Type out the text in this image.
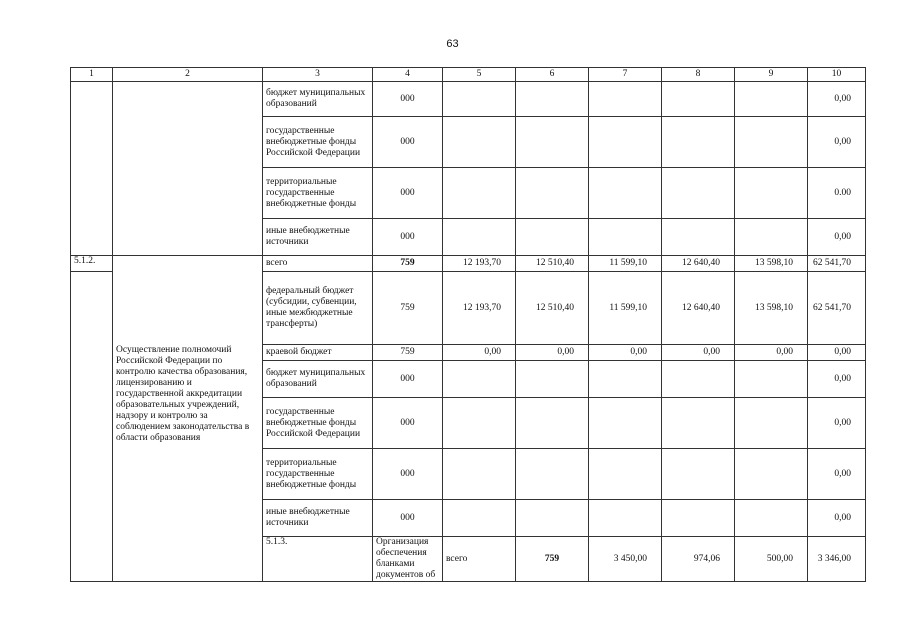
63
1	2	3	4	5	6	7	8	9	10	
		бюджет муниципальных образований	000						0,00	
		государственные внебюджетные фонды Российской Федерации	000						0,00	
		территориальные государственные внебюджетные фонды	000						0.00	
		иные внебюджетные источники	000						0,00	
5.1.2.		всего	759	12 193,70	12 510,40	11 599,10	12 640,40	13 598,10	62 541,70	
		федеральный бюджет (субсидии, субвенции, иные межбюджетные трансферты)	759	12 193,70	12 510,40	11 599,10	12 640,40	13 598,10	62 541,70	
	Осуществление полномочий Российской Федерации по контролю качества образования, лицензированию и государственной аккредитации образовательных учреждений, надзору и контролю за соблюдением законодательства в области образования	краевой бюджет	759	0,00	0,00	0,00	0,00	0,00	0,00	
		бюджет муниципальных образований	000						0,00	
		государственные внебюджетные фонды Российской Федерации	000						0,00	
		территориальные государственные внебюджетные фонды	000						0,00	
		иные внебюджетные источники	000						0,00	
		5.1.3.	Организация обеспечения бланками документов об	всего	759	3 450,00	974,06	500,00	3 346,00		
